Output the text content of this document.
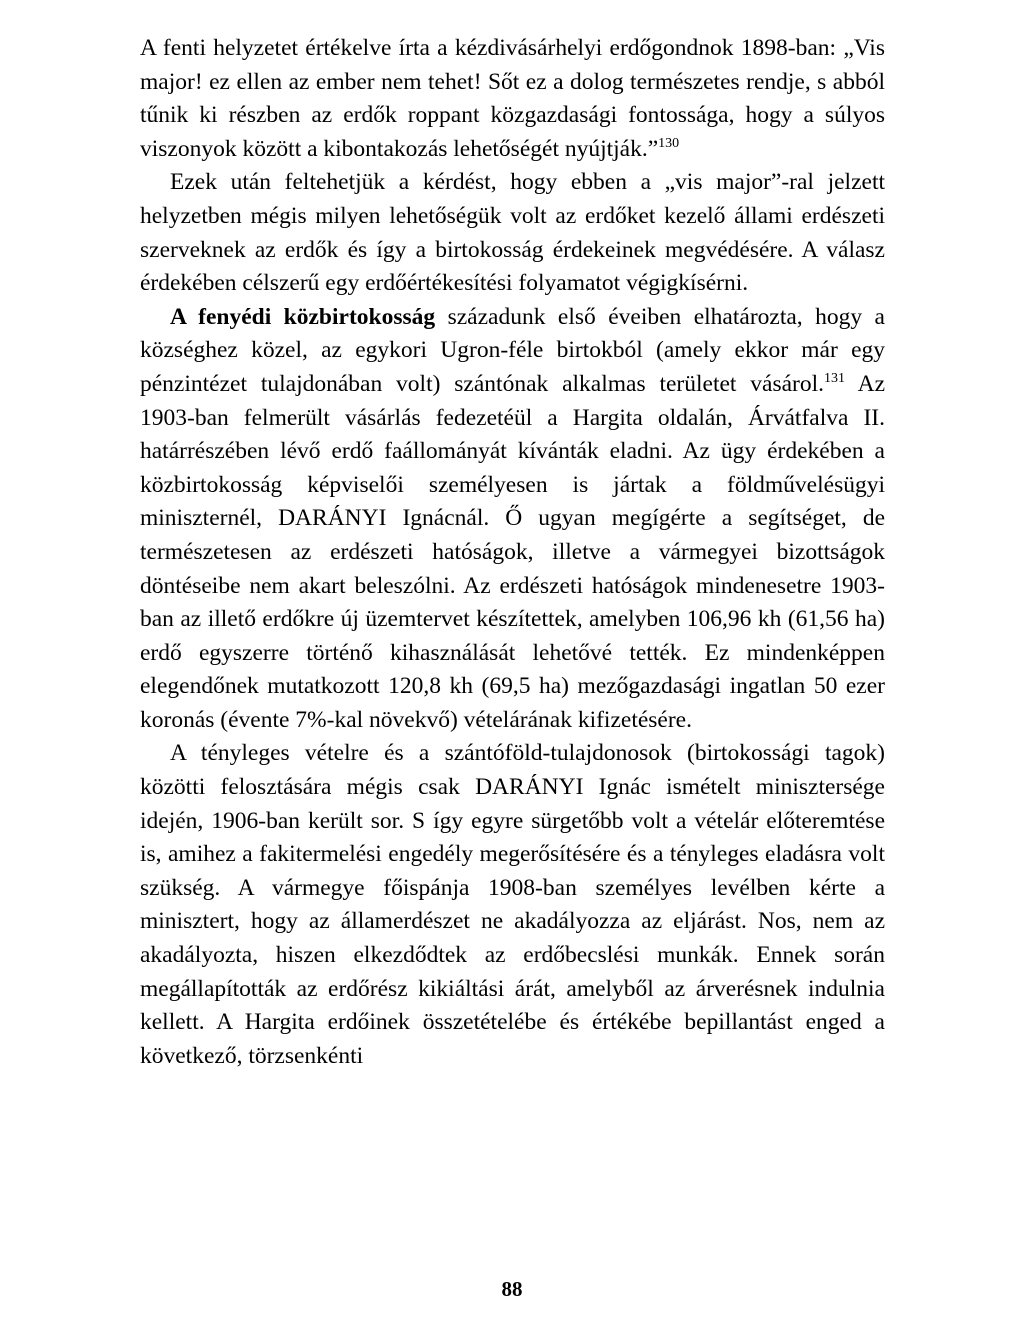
A fenti helyzetet értékelve írta a kézdivásárhelyi erdőgondnok 1898-ban: „Vis major! ez ellen az ember nem tehet! Sőt ez a dolog természetes rendje, s abból tűnik ki részben az erdők roppant közgazdasági fontossága, hogy a súlyos viszonyok között a kibontakozás lehetőségét nyújtják.”$^{130}$

Ezek után feltehetjük a kérdést, hogy ebben a „vis major”-ral jelzett helyzetben mégis milyen lehetőségük volt az erdőket kezelő állami erdészeti szerveknek az erdők és így a birtokosság érdekeinek megvédésére. A válasz érdekében célszerű egy erdőértékesítési folyamatot végigkísérni.

A fenyédi közbirtokosság századunk első éveiben elhatározta, hogy a községhez közel, az egykori Ugron-féle birtokból (amely ekkor már egy pénzintézet tulajdonában volt) szántónak alkalmas területet vásárol.$^{131}$ Az 1903-ban felmerült vásárlás fedezetéül a Hargita oldalán, Árvátfalva II. határrészében lévő erdő faállományát kívánták eladni. Az ügy érdekében a közbirtokosság képviselői személyesen is jártak a földművelésügyi miniszternél, DARÁNYI Ignácnál. Ő ugyan megígérte a segítséget, de természetesen az erdészeti hatóságok, illetve a vármegyei bizottságok döntéseibe nem akart beleszólni. Az erdészeti hatóságok mindenesetre 1903-ban az illető erdőkre új üzemtervet készítettek, amelyben 106,96 kh (61,56 ha) erdő egyszerre történő kihasználását lehetővé tették. Ez mindenképpen elegendőnek mutatkozott 120,8 kh (69,5 ha) mezőgazdasági ingatlan 50 ezer koronás (évente 7%-kal növekvő) vételárának kifizetésére.

A tényleges vételre és a szántóföld-tulajdonosok (birtokossági tagok) közötti felosztására mégis csak DARÁNYI Ignác ismételt minisztersége idején, 1906-ban került sor. S így egyre sürgetőbb volt a vételár előteremtése is, amihez a fakitermelési engedély megerősítésére és a tényleges eladásra volt szükség. A vármegye főispánja 1908-ban személyes levélben kérte a minisztert, hogy az államerdészet ne akadályozza az eljárást. Nos, nem az akadályozta, hiszen elkezdődtek az erdőbecslési munkák. Ennek során megállapították az erdőrész kikiáltási árát, amelyből az árverésnek indulnia kellett. A Hargita erdőinek összetételébe és értékébe bepillantást enged a következő, törzsenkénti

88
